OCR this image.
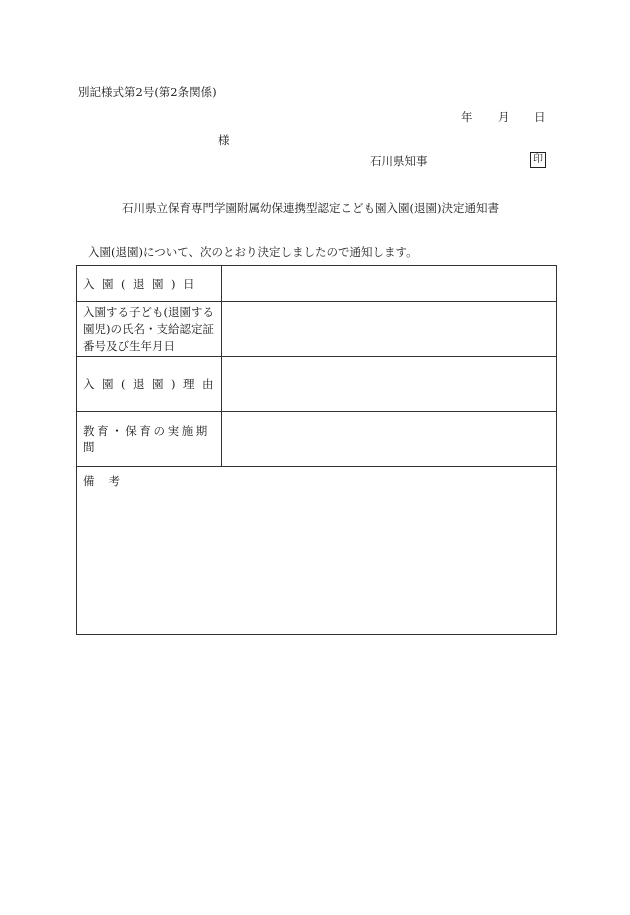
別記様式第2号(第2条関係)
年 月 日
様
石川県知事	印
石川県立保育専門学園附属幼保連携型認定こども園入園(退園)決定通知書
入園(退園)について、次のとおり決定しましたので通知します。
入園(退園)日
入園する子ども(退園する園児)の氏名・支給認定証番号及び生年月日
入園(退園)理由
教育・保育の実施期間
備考
